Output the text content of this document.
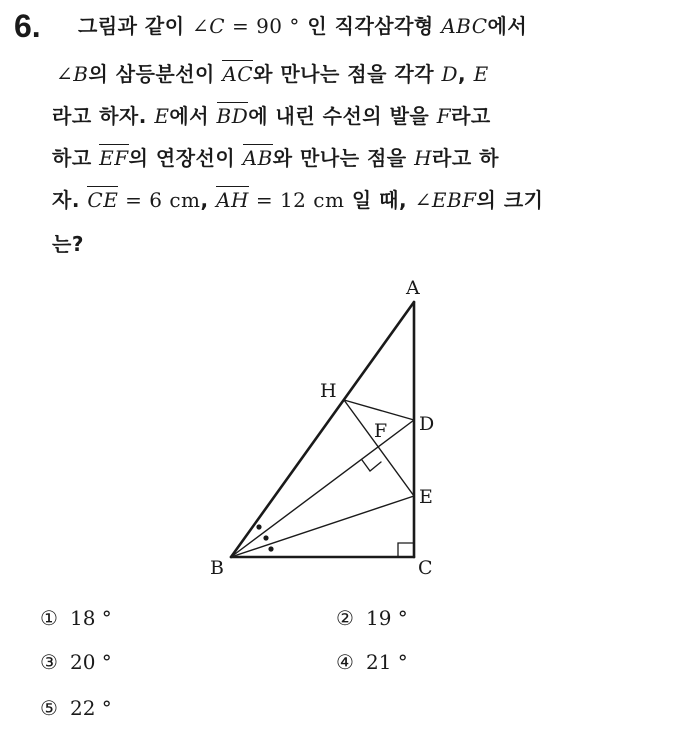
6. 그림과 같이 ∠C = 90 ° 인 직각삼각형 ABC에서
∠B의 삼등분선이 AC와 만나는 점을 각각 D, E
라고 하자. E에서 BD에 내린 수선의 발을 F라고
하고 EF의 연장선이 AB와 만나는 점을 H라고 하
자. CE = 6 cm, AH = 12 cm 일 때, ∠EBF의 크기
는?
A
H
F D
E
B	C
① 18 °	② 19 °
③ 20 °	④ 21 °
⑤ 22 °
